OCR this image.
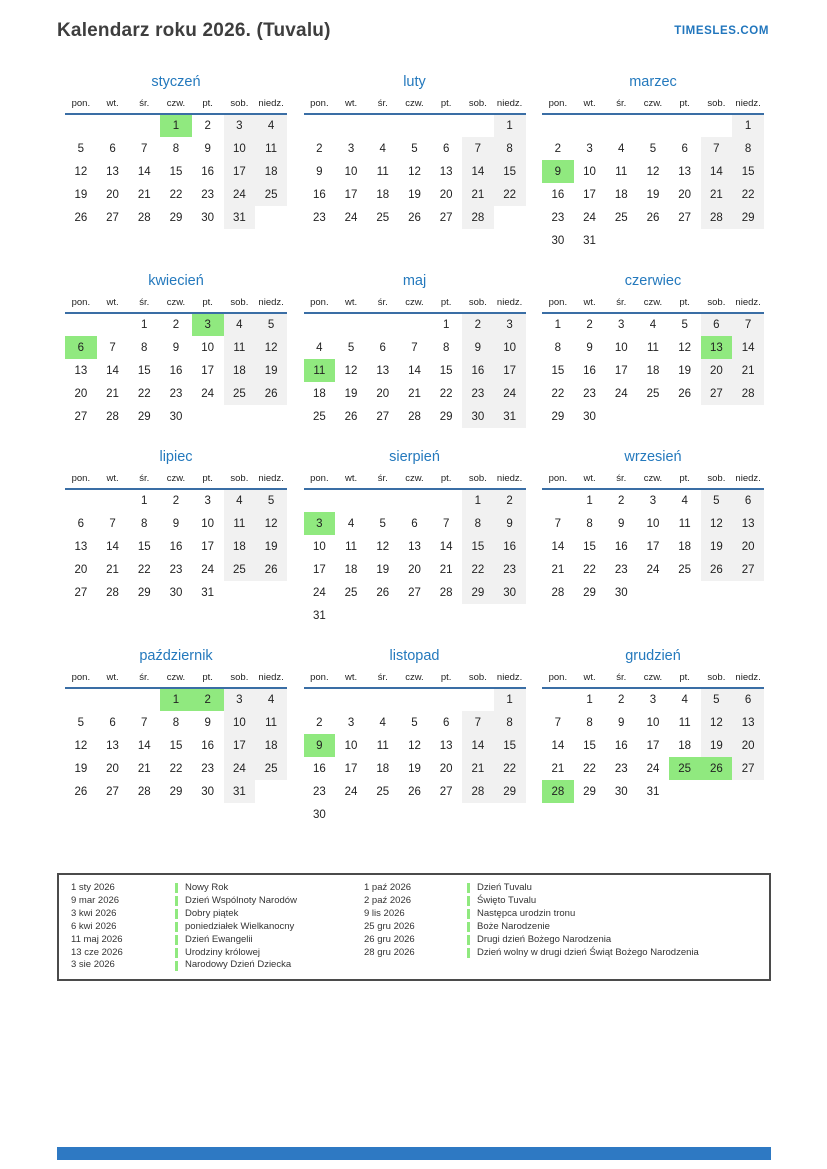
Kalendarz roku 2026. (Tuvalu)	TIMESLES.COM
styczeń
pon.	wt.	śr.	czw.	pt.	sob.	niedz.
			1	2	3	4
5	6	7	8	9	10	11
12	13	14	15	16	17	18
19	20	21	22	23	24	25
26	27	28	29	30	31	
luty
pon.	wt.	śr.	czw.	pt.	sob.	niedz.
						1
2	3	4	5	6	7	8
9	10	11	12	13	14	15
16	17	18	19	20	21	22
23	24	25	26	27	28	
marzec
pon.	wt.	śr.	czw.	pt.	sob.	niedz.
						1
2	3	4	5	6	7	8
9	10	11	12	13	14	15
16	17	18	19	20	21	22
23	24	25	26	27	28	29
30	31					
kwiecień
pon.	wt.	śr.	czw.	pt.	sob.	niedz.
		1	2	3	4	5
6	7	8	9	10	11	12
13	14	15	16	17	18	19
20	21	22	23	24	25	26
27	28	29	30			
maj
pon.	wt.	śr.	czw.	pt.	sob.	niedz.
				1	2	3
4	5	6	7	8	9	10
11	12	13	14	15	16	17
18	19	20	21	22	23	24
25	26	27	28	29	30	31
czerwiec
pon.	wt.	śr.	czw.	pt.	sob.	niedz.
1	2	3	4	5	6	7
8	9	10	11	12	13	14
15	16	17	18	19	20	21
22	23	24	25	26	27	28
29	30					
lipiec
pon.	wt.	śr.	czw.	pt.	sob.	niedz.
		1	2	3	4	5
6	7	8	9	10	11	12
13	14	15	16	17	18	19
20	21	22	23	24	25	26
27	28	29	30	31		
sierpień
pon.	wt.	śr.	czw.	pt.	sob.	niedz.
					1	2
3	4	5	6	7	8	9
10	11	12	13	14	15	16
17	18	19	20	21	22	23
24	25	26	27	28	29	30
31						
wrzesień
pon.	wt.	śr.	czw.	pt.	sob.	niedz.
	1	2	3	4	5	6
7	8	9	10	11	12	13
14	15	16	17	18	19	20
21	22	23	24	25	26	27
28	29	30				
październik
pon.	wt.	śr.	czw.	pt.	sob.	niedz.
			1	2	3	4
5	6	7	8	9	10	11
12	13	14	15	16	17	18
19	20	21	22	23	24	25
26	27	28	29	30	31	
listopad
pon.	wt.	śr.	czw.	pt.	sob.	niedz.
						1
2	3	4	5	6	7	8
9	10	11	12	13	14	15
16	17	18	19	20	21	22
23	24	25	26	27	28	29
30						
grudzień
pon.	wt.	śr.	czw.	pt.	sob.	niedz.
	1	2	3	4	5	6
7	8	9	10	11	12	13
14	15	16	17	18	19	20
21	22	23	24	25	26	27
28	29	30	31			
1 sty 2026	Nowy Rok
9 mar 2026	Dzień Wspólnoty Narodów
3 kwi 2026	Dobry piątek
6 kwi 2026	poniedziałek Wielkanocny
11 maj 2026	Dzień Ewangelii
13 cze 2026	Urodziny królowej
3 sie 2026	Narodowy Dzień Dziecka
1 paź 2026	Dzień Tuvalu
2 paź 2026	Święto Tuvalu
9 lis 2026	Następca urodzin tronu
25 gru 2026	Boże Narodzenie
26 gru 2026	Drugi dzień Bożego Narodzenia
28 gru 2026	Dzień wolny w drugi dzień Świąt Bożego Narodzenia
